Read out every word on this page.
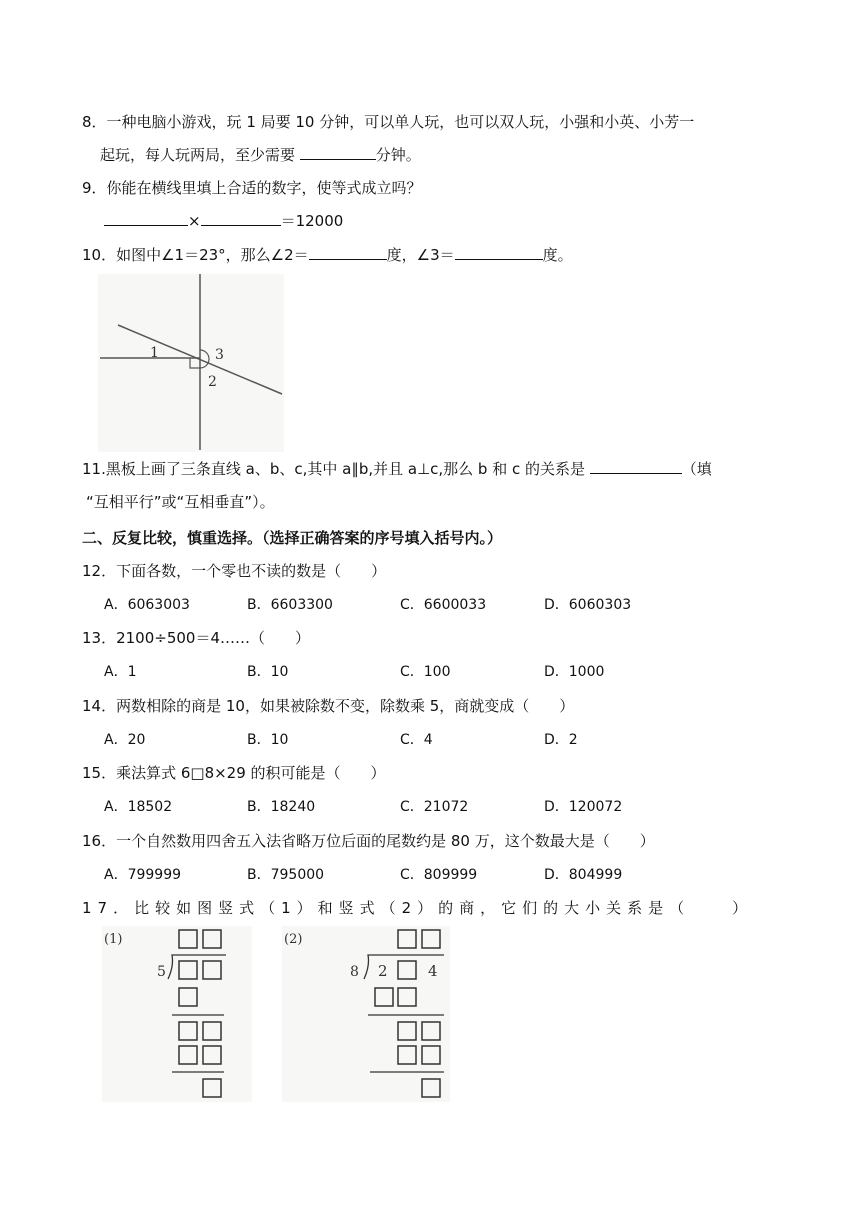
8．一种电脑小游戏，玩 1 局要 10 分钟，可以单人玩，也可以双人玩，小强和小英、小芳一
起玩，每人玩两局，至少需要	分钟。
9．你能在横线里填上合适的数字，使等式成立吗？
×	＝12000
10．如图中∠1＝23°，那么∠2＝	度，∠3＝	度。
1
2
3
11.黑板上画了三条直线 a、b、c,其中 a∥b,并且 a⊥c,那么 b 和 c 的关系是	（填
“互相平行”或“互相垂直”）。
二、反复比较，慎重选择。（选择正确答案的序号填入括号内。）
12．下面各数，一个零也不读的数是（　　）
A．6063003	B．6603300	C．6600033	D．6060303
13．2100÷500＝4……（　　）
A．1	B．10	C．100	D．1000
14．两数相除的商是 10，如果被除数不变，除数乘 5，商就变成（　　）
A．20	B．10	C．4	D．2
15．乘法算式 6□8×29 的积可能是（　　）
A．18502	B．18240	C．21072	D．120072
16．一个自然数用四舍五入法省略万位后面的尾数约是 80 万，这个数最大是（　　）
A．799999	B．795000	C．809999	D．804999
17．比较如图竖式（1）和竖式（2）的商，它们的大小关系是（　　）
(1)
5
(2)
8 2	4
